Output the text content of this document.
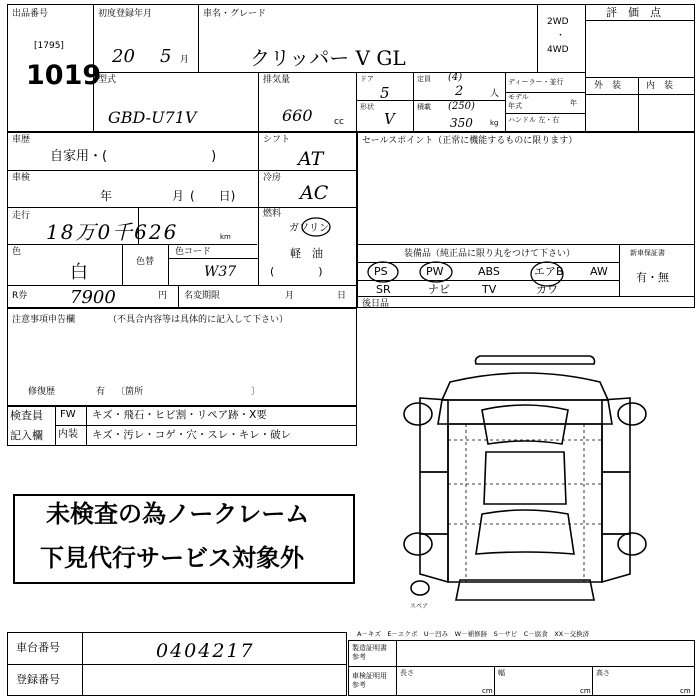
出品番号
[1795]
1019
初度登録年月
20 5 月
車名・グレード
クリッパー V GL
2WD
・
4WD
評　価　点
外　装	内　装
型式
GBD-U71V
排気量
660 cc
ドア
5
定員 (4)
2	人
形状
V
積載 (250)
350 kg
ディーラー・並行
モデル
年式	年
ハンドル 左・右
車歴
自家用・(　　　　　　　　)
シフト
AT
車検
年	月 (　　日)
冷房
AC
走行
18万0千626	km
燃料
ガソリン
軽　油
(　　　　)
色
白	色替
色コード
W37
R券 7900	円 名変期限	月	日
セールスポイント（正常に機能するものに限ります）
装備品（純正品に限り丸をつけて下さい）	新車保証書
有・無
PS	PW	ABS	エアB AW
SR	ナビ	TV	カワ
後日品
注意事項申告欄	（不具合内容等は具体的に記入して下さい）
修復歴	有 〔箇所　　　　　　　　　　　　〕
検査員
記入欄
FW キズ・飛石・ヒビ割・リペア跡・X要
内装 キズ・汚レ・コゲ・穴・スレ・キレ・破レ
未検査の為ノークレーム
下見代行サービス対象外
スペア
A－キズ　E－エクボ　U－凹み　W－補修跡　S－サビ　C－腐食　XX－交換済
車台番号	0404217
登録番号
製造証明書
参考
車検証明用
参考
長さ
cm
幅
cm
高さ
cm
